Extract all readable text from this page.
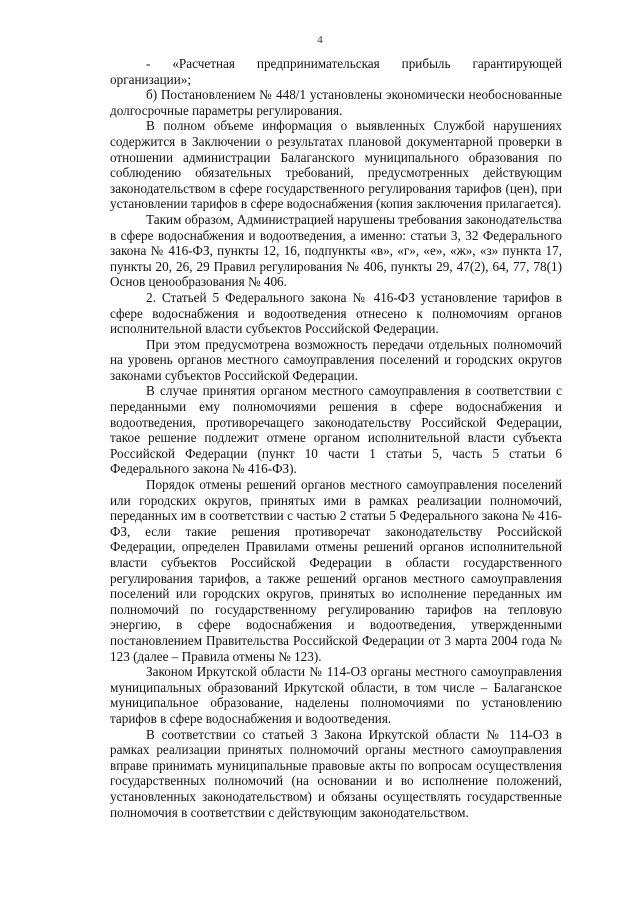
4

- «Расчетная предпринимательская прибыль гарантирующей организации»;

б) Постановлением № 448/1 установлены экономически необоснованные долгосрочные параметры регулирования.

В полном объеме информация о выявленных Службой нарушениях содержится в Заключении о результатах плановой документарной проверки в отношении администрации Балаганского муниципального образования по соблюдению обязательных требований, предусмотренных действующим законодательством в сфере государственного регулирования тарифов (цен), при установлении тарифов в сфере водоснабжения (копия заключения прилагается).

Таким образом, Администрацией нарушены требования законодательства в сфере водоснабжения и водоотведения, а именно: статьи 3, 32 Федерального закона № 416-ФЗ, пункты 12, 16, подпункты «в», «г», «е», «ж», «з» пункта 17, пункты 20, 26, 29 Правил регулирования № 406, пункты 29, 47(2), 64, 77, 78(1) Основ ценообразования № 406.

2. Статьей 5 Федерального закона № 416-ФЗ установление тарифов в сфере водоснабжения и водоотведения отнесено к полномочиям органов исполнительной власти субъектов Российской Федерации.

При этом предусмотрена возможность передачи отдельных полномочий на уровень органов местного самоуправления поселений и городских округов законами субъектов Российской Федерации.

В случае принятия органом местного самоуправления в соответствии с переданными ему полномочиями решения в сфере водоснабжения и водоотведения, противоречащего законодательству Российской Федерации, такое решение подлежит отмене органом исполнительной власти субъекта Российской Федерации (пункт 10 части 1 статьи 5, часть 5 статьи 6 Федерального закона № 416-ФЗ).

Порядок отмены решений органов местного самоуправления поселений или городских округов, принятых ими в рамках реализации полномочий, переданных им в соответствии с частью 2 статьи 5 Федерального закона № 416-ФЗ, если такие решения противоречат законодательству Российской Федерации, определен Правилами отмены решений органов исполнительной власти субъектов Российской Федерации в области государственного регулирования тарифов, а также решений органов местного самоуправления поселений или городских округов, принятых во исполнение переданных им полномочий по государственному регулированию тарифов на тепловую энергию, в сфере водоснабжения и водоотведения, утвержденными постановлением Правительства Российской Федерации от 3 марта 2004 года № 123 (далее – Правила отмены № 123).

Законом Иркутской области № 114-ОЗ органы местного самоуправления муниципальных образований Иркутской области, в том числе – Балаганское муниципальное образование, наделены полномочиями по установлению тарифов в сфере водоснабжения и водоотведения.

В соответствии со статьей 3 Закона Иркутской области № 114-ОЗ в рамках реализации принятых полномочий органы местного самоуправления вправе принимать муниципальные правовые акты по вопросам осуществления государственных полномочий (на основании и во исполнение положений, установленных законодательством) и обязаны осуществлять государственные полномочия в соответствии с действующим законодательством.
